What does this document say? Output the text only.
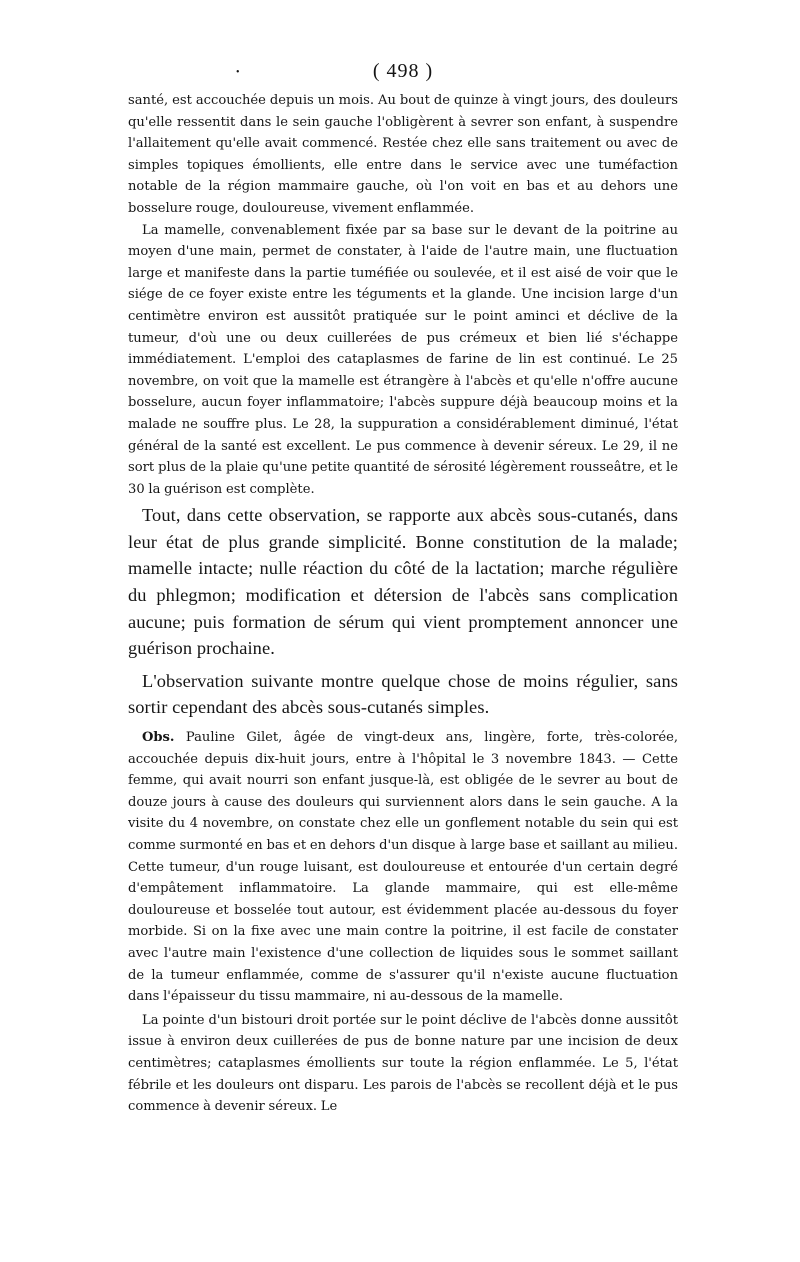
•	( 498 )

santé, est accouchée depuis un mois. Au bout de quinze à vingt jours, des douleurs qu'elle ressentit dans le sein gauche l'obligèrent à sevrer son enfant, à suspendre l'allaitement qu'elle avait commencé. Restée chez elle sans traitement ou avec de simples topiques émollients, elle entre dans le service avec une tuméfaction notable de la région mammaire gauche, où l'on voit en bas et au dehors une bosselure rouge, douloureuse, vivement enflammée.

La mamelle, convenablement fixée par sa base sur le devant de la poitrine au moyen d'une main, permet de constater, à l'aide de l'autre main, une fluctuation large et manifeste dans la partie tuméfiée ou soulevée, et il est aisé de voir que le siége de ce foyer existe entre les téguments et la glande. Une incision large d'un centimètre environ est aussitôt pratiquée sur le point aminci et déclive de la tumeur, d'où une ou deux cuillerées de pus crémeux et bien lié s'échappe immédiatement. L'emploi des cataplasmes de farine de lin est continué. Le 25 novembre, on voit que la mamelle est étrangère à l'abcès et qu'elle n'offre aucune bosselure, aucun foyer inflammatoire; l'abcès suppure déjà beaucoup moins et la malade ne souffre plus. Le 28, la suppuration a considérablement diminué, l'état général de la santé est excellent. Le pus commence à devenir séreux. Le 29, il ne sort plus de la plaie qu'une petite quantité de sérosité légèrement rousseâtre, et le 30 la guérison est complète.

Tout, dans cette observation, se rapporte aux abcès sous-cutanés, dans leur état de plus grande simplicité. Bonne constitution de la malade; mamelle intacte; nulle réaction du côté de la lactation; marche régulière du phlegmon; modification et détersion de l'abcès sans complication aucune; puis formation de sérum qui vient promptement annoncer une guérison prochaine.

L'observation suivante montre quelque chose de moins régulier, sans sortir cependant des abcès sous-cutanés simples.

Obs. Pauline Gilet, âgée de vingt-deux ans, lingère, forte, très-colorée, accouchée depuis dix-huit jours, entre à l'hôpital le 3 novembre 1843. — Cette femme, qui avait nourri son enfant jusque-là, est obligée de le sevrer au bout de douze jours à cause des douleurs qui surviennent alors dans le sein gauche. A la visite du 4 novembre, on constate chez elle un gonflement notable du sein qui est comme surmonté en bas et en dehors d'un disque à large base et saillant au milieu. Cette tumeur, d'un rouge luisant, est douloureuse et entourée d'un certain degré d'empâtement inflammatoire. La glande mammaire, qui est elle-même douloureuse et bosselée tout autour, est évidemment placée au-dessous du foyer morbide. Si on la fixe avec une main contre la poitrine, il est facile de constater avec l'autre main l'existence d'une collection de liquides sous le sommet saillant de la tumeur enflammée, comme de s'assurer qu'il n'existe aucune fluctuation dans l'épaisseur du tissu mammaire, ni au-dessous de la mamelle.

La pointe d'un bistouri droit portée sur le point déclive de l'abcès donne aussitôt issue à environ deux cuillerées de pus de bonne nature par une incision de deux centimètres; cataplasmes émollients sur toute la région enflammée. Le 5, l'état fébrile et les douleurs ont disparu. Les parois de l'abcès se recollent déjà et le pus commence à devenir séreux. Le
